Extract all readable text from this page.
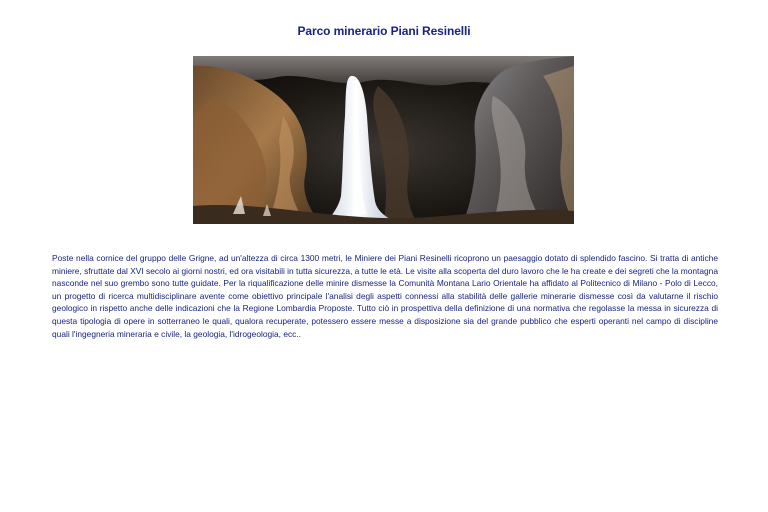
Parco minerario Piani Resinelli

Poste nella cornice del gruppo delle Grigne, ad un'altezza di circa 1300 metri, le Miniere dei Piani Resinelli ricoprono un paesaggio dotato di splendido fascino. Si tratta di antiche miniere, sfruttate dal XVI secolo ai giorni nostri, ed ora visitabili in tutta sicurezza, a tutte le età. Le visite alla scoperta del duro lavoro che le ha create e dei segreti che la montagna nasconde nel suo grembo sono tutte guidate. Per la riqualificazione delle minire dismesse la Comunità Montana Lario Orientale ha affidato al Politecnico di Milano - Polo di Lecco, un progetto di ricerca multidisciplinare avente come obiettivo principale l'analisi degli aspetti connessi alla stabilità delle gallerie minerarie dismesse così da valutarne il rischio geologico in rispetto anche delle indicazioni che la Regione Lombardia Proposte. Tutto ciò in prospettiva della definizione di una normativa che regolasse la messa in sicurezza di questa tipologia di opere in sotterraneo le quali, qualora recuperate, potessero essere messe a disposizione sia del grande pubblico che esperti operanti nel campo di discipline quali l'ingegneria mineraria e civile, la geologia, l'idrogeologia, ecc..
